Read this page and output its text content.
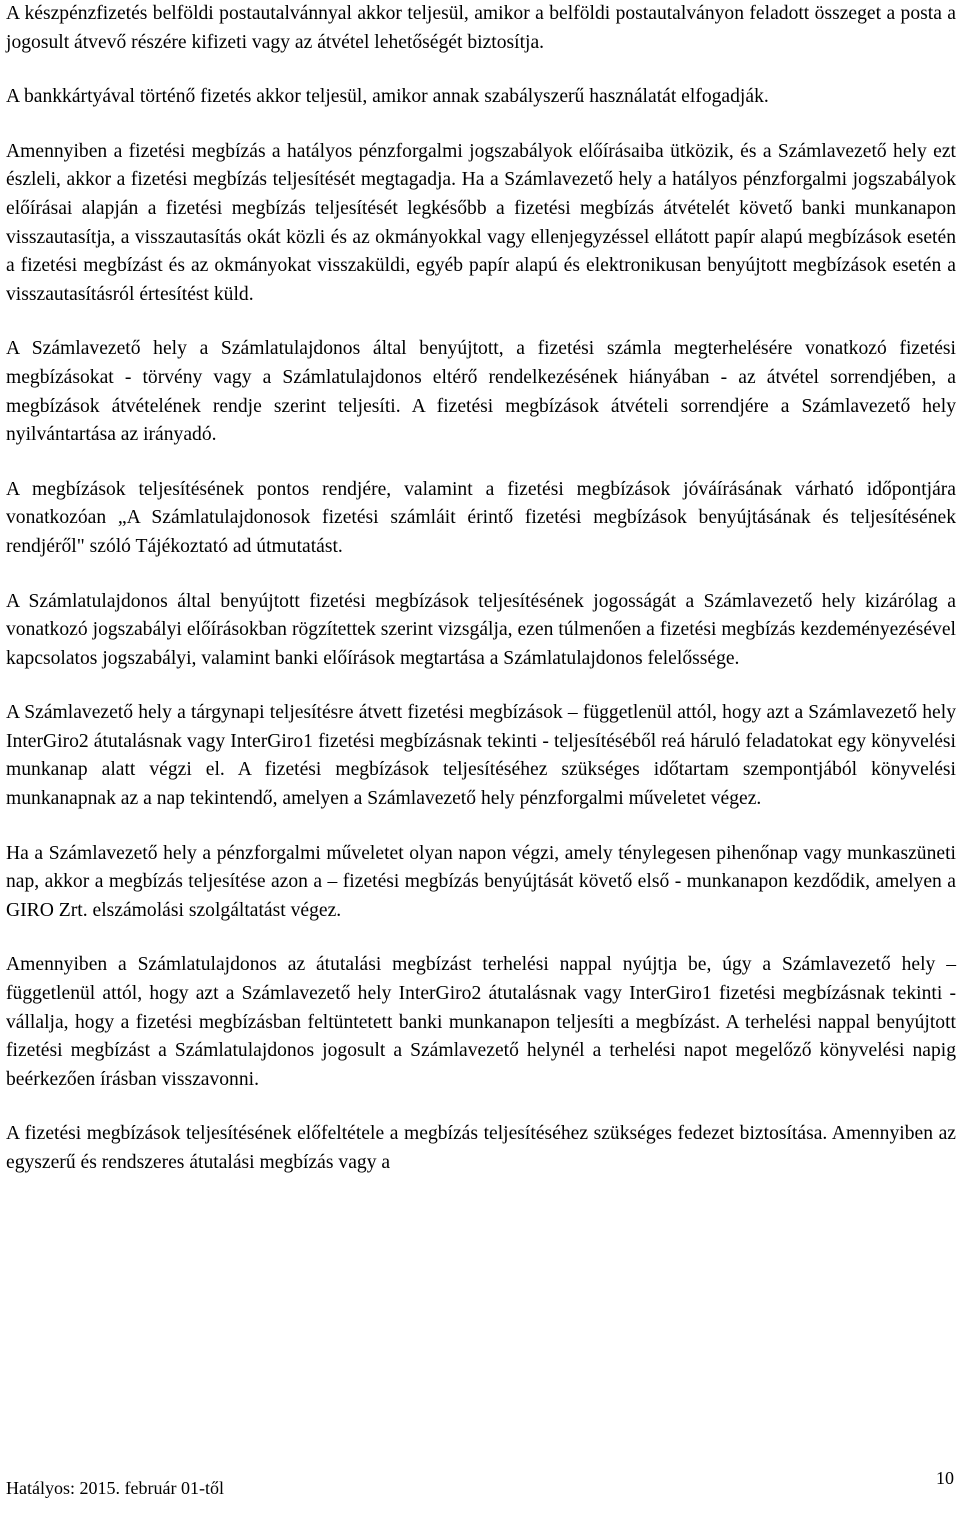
A készpénzfizetés belföldi postautalvánnyal akkor teljesül, amikor a belföldi postautalványon feladott összeget a posta a jogosult átvevő részére kifizeti vagy az átvétel lehetőségét biztosítja.

A bankkártyával történő fizetés akkor teljesül, amikor annak szabályszerű használatát elfogadják.

Amennyiben a fizetési megbízás a hatályos pénzforgalmi jogszabályok előírásaiba ütközik, és a Számlavezető hely ezt észleli, akkor a fizetési megbízás teljesítését megtagadja. Ha a Számlavezető hely a hatályos pénzforgalmi jogszabályok előírásai alapján a fizetési megbízás teljesítését legkésőbb a fizetési megbízás átvételét követő banki munkanapon visszautasítja, a visszautasítás okát közli és az okmányokkal vagy ellenjegyzéssel ellátott papír alapú megbízások esetén a fizetési megbízást és az okmányokat visszaküldi, egyéb papír alapú és elektronikusan benyújtott megbízások esetén a visszautasításról értesítést küld.

A Számlavezető hely a Számlatulajdonos által benyújtott, a fizetési számla megterhelésére vonatkozó fizetési megbízásokat - törvény vagy a Számlatulajdonos eltérő rendelkezésének hiányában - az átvétel sorrendjében, a megbízások átvételének rendje szerint teljesíti. A fizetési megbízások átvételi sorrendjére a Számlavezető hely nyilvántartása az irányadó.

A megbízások teljesítésének pontos rendjére, valamint a fizetési megbízások jóváírásának várható időpontjára vonatkozóan „A Számlatulajdonosok fizetési számláit érintő fizetési megbízások benyújtásának és teljesítésének rendjéről" szóló Tájékoztató ad útmutatást.

A Számlatulajdonos által benyújtott fizetési megbízások teljesítésének jogosságát a Számlavezető hely kizárólag a vonatkozó jogszabályi előírásokban rögzítettek szerint vizsgálja, ezen túlmenően a fizetési megbízás kezdeményezésével kapcsolatos jogszabályi, valamint banki előírások megtartása a Számlatulajdonos felelőssége.

A Számlavezető hely a tárgynapi teljesítésre átvett fizetési megbízások – függetlenül attól, hogy azt a Számlavezető hely InterGiro2 átutalásnak vagy InterGiro1 fizetési megbízásnak tekinti - teljesítéséből reá háruló feladatokat egy könyvelési munkanap alatt végzi el. A fizetési megbízások teljesítéséhez szükséges időtartam szempontjából könyvelési munkanapnak az a nap tekintendő, amelyen a Számlavezető hely pénzforgalmi műveletet végez.

Ha a Számlavezető hely a pénzforgalmi műveletet olyan napon végzi, amely ténylegesen pihenőnap vagy munkaszüneti nap, akkor a megbízás teljesítése azon a – fizetési megbízás benyújtását követő első - munkanapon kezdődik, amelyen a GIRO Zrt. elszámolási szolgáltatást végez.

Amennyiben a Számlatulajdonos az átutalási megbízást terhelési nappal nyújtja be, úgy a Számlavezető hely – függetlenül attól, hogy azt a Számlavezető hely InterGiro2 átutalásnak vagy InterGiro1 fizetési megbízásnak tekinti - vállalja, hogy a fizetési megbízásban feltüntetett banki munkanapon teljesíti a megbízást. A terhelési nappal benyújtott fizetési megbízást a Számlatulajdonos jogosult a Számlavezető helynél a terhelési napot megelőző könyvelési napig beérkezően írásban visszavonni.

A fizetési megbízások teljesítésének előfeltétele a megbízás teljesítéséhez szükséges fedezet biztosítása. Amennyiben az egyszerű és rendszeres átutalási megbízás vagy a

10
Hatályos: 2015. február 01-től
